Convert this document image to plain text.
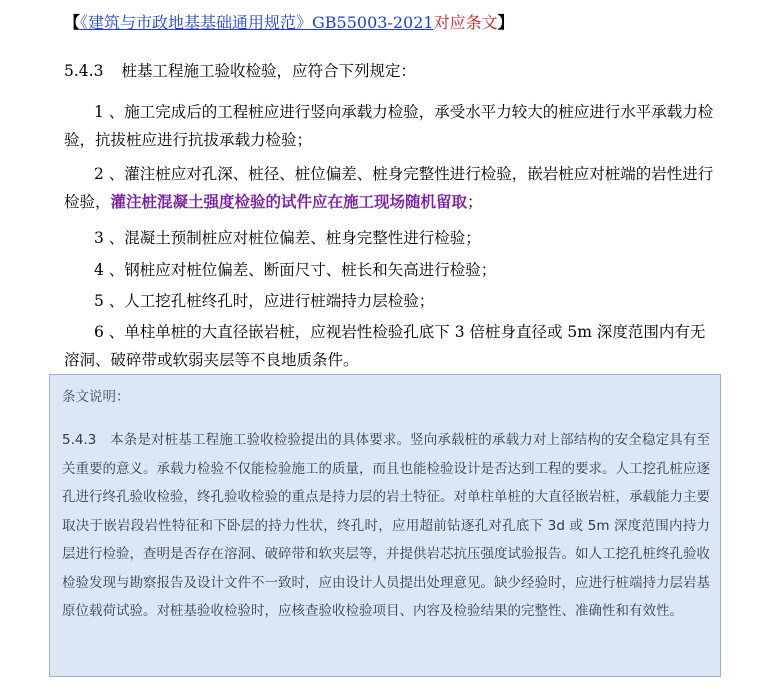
【《建筑与市政地基基础通用规范》GB55003-2021对应条文】
5.4.3 桩基工程施工验收检验，应符合下列规定：
1 、施工完成后的工程桩应进行竖向承载力检验，承受水平力较大的桩应进行水平承载力检验，抗拔桩应进行抗拔承载力检验；
2 、灌注桩应对孔深、桩径、桩位偏差、桩身完整性进行检验，嵌岩桩应对桩端的岩性进行检验，灌注桩混凝土强度检验的试件应在施工现场随机留取；
3 、混凝土预制桩应对桩位偏差、桩身完整性进行检验；
4 、钢桩应对桩位偏差、断面尺寸、桩长和矢高进行检验；
5 、人工挖孔桩终孔时，应进行桩端持力层检验；
6 、单柱单桩的大直径嵌岩桩，应视岩性检验孔底下 3 倍桩身直径或 5m 深度范围内有无溶洞、破碎带或软弱夹层等不良地质条件。
条文说明：
5.4.3　本条是对桩基工程施工验收检验提出的具体要求。竖向承载桩的承载力对上部结构的安全稳定具有至关重要的意义。承载力检验不仅能检验施工的质量，而且也能检验设计是否达到工程的要求。人工挖孔桩应逐孔进行终孔验收检验，终孔验收检验的重点是持力层的岩土特征。对单柱单桩的大直径嵌岩桩，承载能力主要取决于嵌岩段岩性特征和下卧层的持力性状，终孔时，应用超前钻逐孔对孔底下 3d 或 5m 深度范围内持力层进行检验，查明是否存在溶洞、破碎带和软夹层等，并提供岩芯抗压强度试验报告。如人工挖孔桩终孔验收检验发现与勘察报告及设计文件不一致时，应由设计人员提出处理意见。缺少经验时，应进行桩端持力层岩基原位载荷试验。对桩基验收检验时，应核查验收检验项目、内容及检验结果的完整性、准确性和有效性。
